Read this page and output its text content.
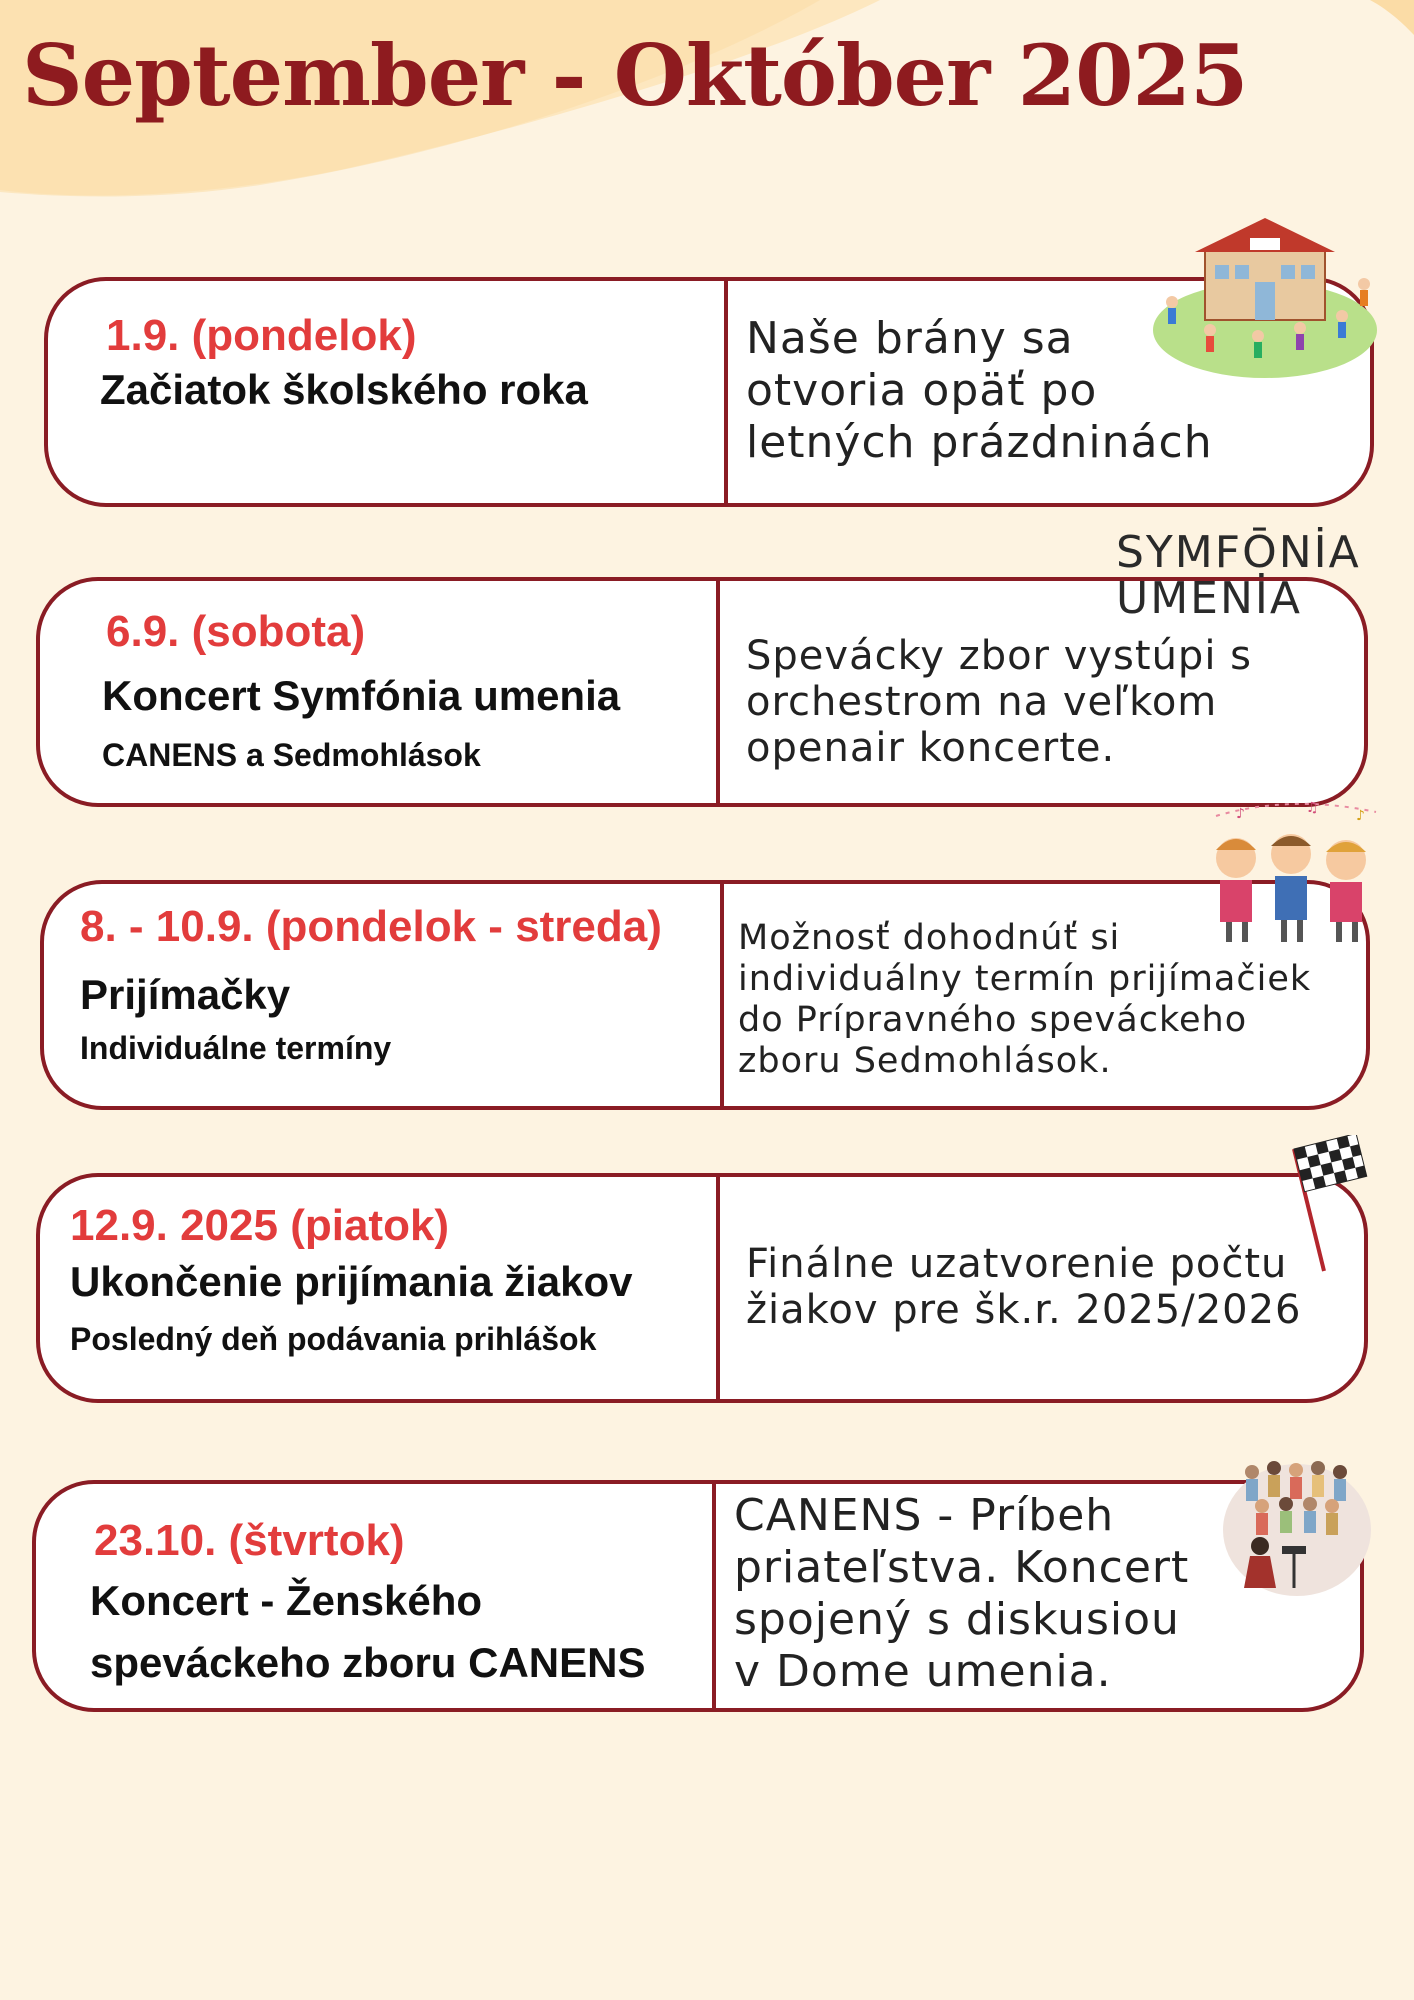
September - Október 2025
1.9. (pondelok)
Začiatok školského roka
Naše brány sa
otvoria opäť po
letných prázdninách
6.9. (sobota)
Koncert Symfónia umenia
CANENS a Sedmohlások
Spevácky zbor vystúpi s
orchestrom na veľkom
openair koncerte.
8. - 10.9. (pondelok - streda)
Prijímačky
Individuálne termíny
Možnosť dohodnúť si
individuálny termín prijímačiek
do Prípravného speváckeho
zboru Sedmohlások.
12.9. 2025 (piatok)
Ukončenie prijímania žiakov
Posledný deň podávania prihlášok
Finálne uzatvorenie počtu
žiakov pre šk.r. 2025/2026
23.10. (štvrtok)
Koncert - Ženského
speváckeho zboru CANENS
CANENS - Príbeh
priateľstva. Koncert
spojený s diskusiou
v Dome umenia.
SYMFŌNİA
UMENİA
♪	♫	♪
